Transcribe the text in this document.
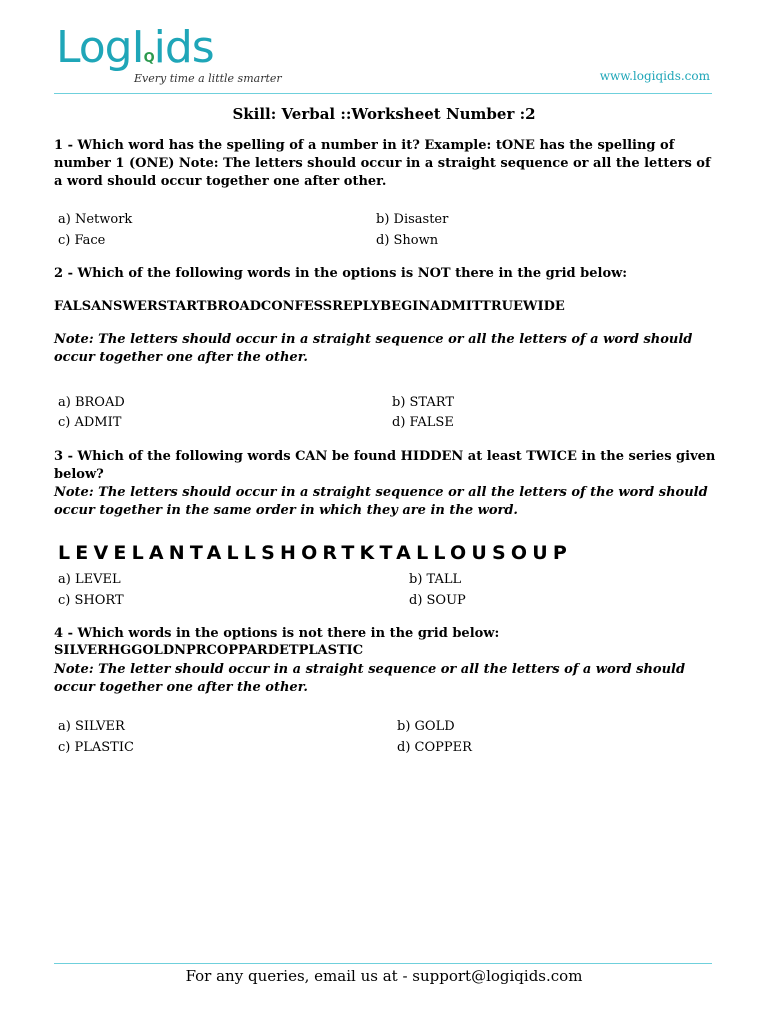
LogIQids
Every time a little smarter	www.logiqids.com
Skill: Verbal ::Worksheet Number :2
1 - Which word has the spelling of a number in it? Example: tONE has the spelling of number 1 (ONE) Note: The letters should occur in a straight sequence or all the letters of a word should occur together one after other.
a) Network	b) Disaster
c) Face	d) Shown
2 - Which of the following words in the options is NOT there in the grid below:
FALSANSWERSTARTBROADCONFESSREPLYBEGINADMITTRUEWIDE
Note: The letters should occur in a straight sequence or all the letters of a word should occur together one after the other.
a) BROAD	b) START
c) ADMIT	d) FALSE
3 - Which of the following words CAN be found HIDDEN at least TWICE in the series given below?
Note: The letters should occur in a straight sequence or all the letters of the word should occur together in the same order in which they are in the word.
LEVELANTALLSHORTKTALLOUSOUP
a) LEVEL	b) TALL
c) SHORT	d) SOUP
4 - Which words in the options is not there in the grid below:
SILVERHGGOLDNPRCOPPARDETPLASTIC
Note: The letter should occur in a straight sequence or all the letters of a word should occur together one after the other.
a) SILVER	b) GOLD
c) PLASTIC	d) COPPER
For any queries, email us at - support@logiqids.com
